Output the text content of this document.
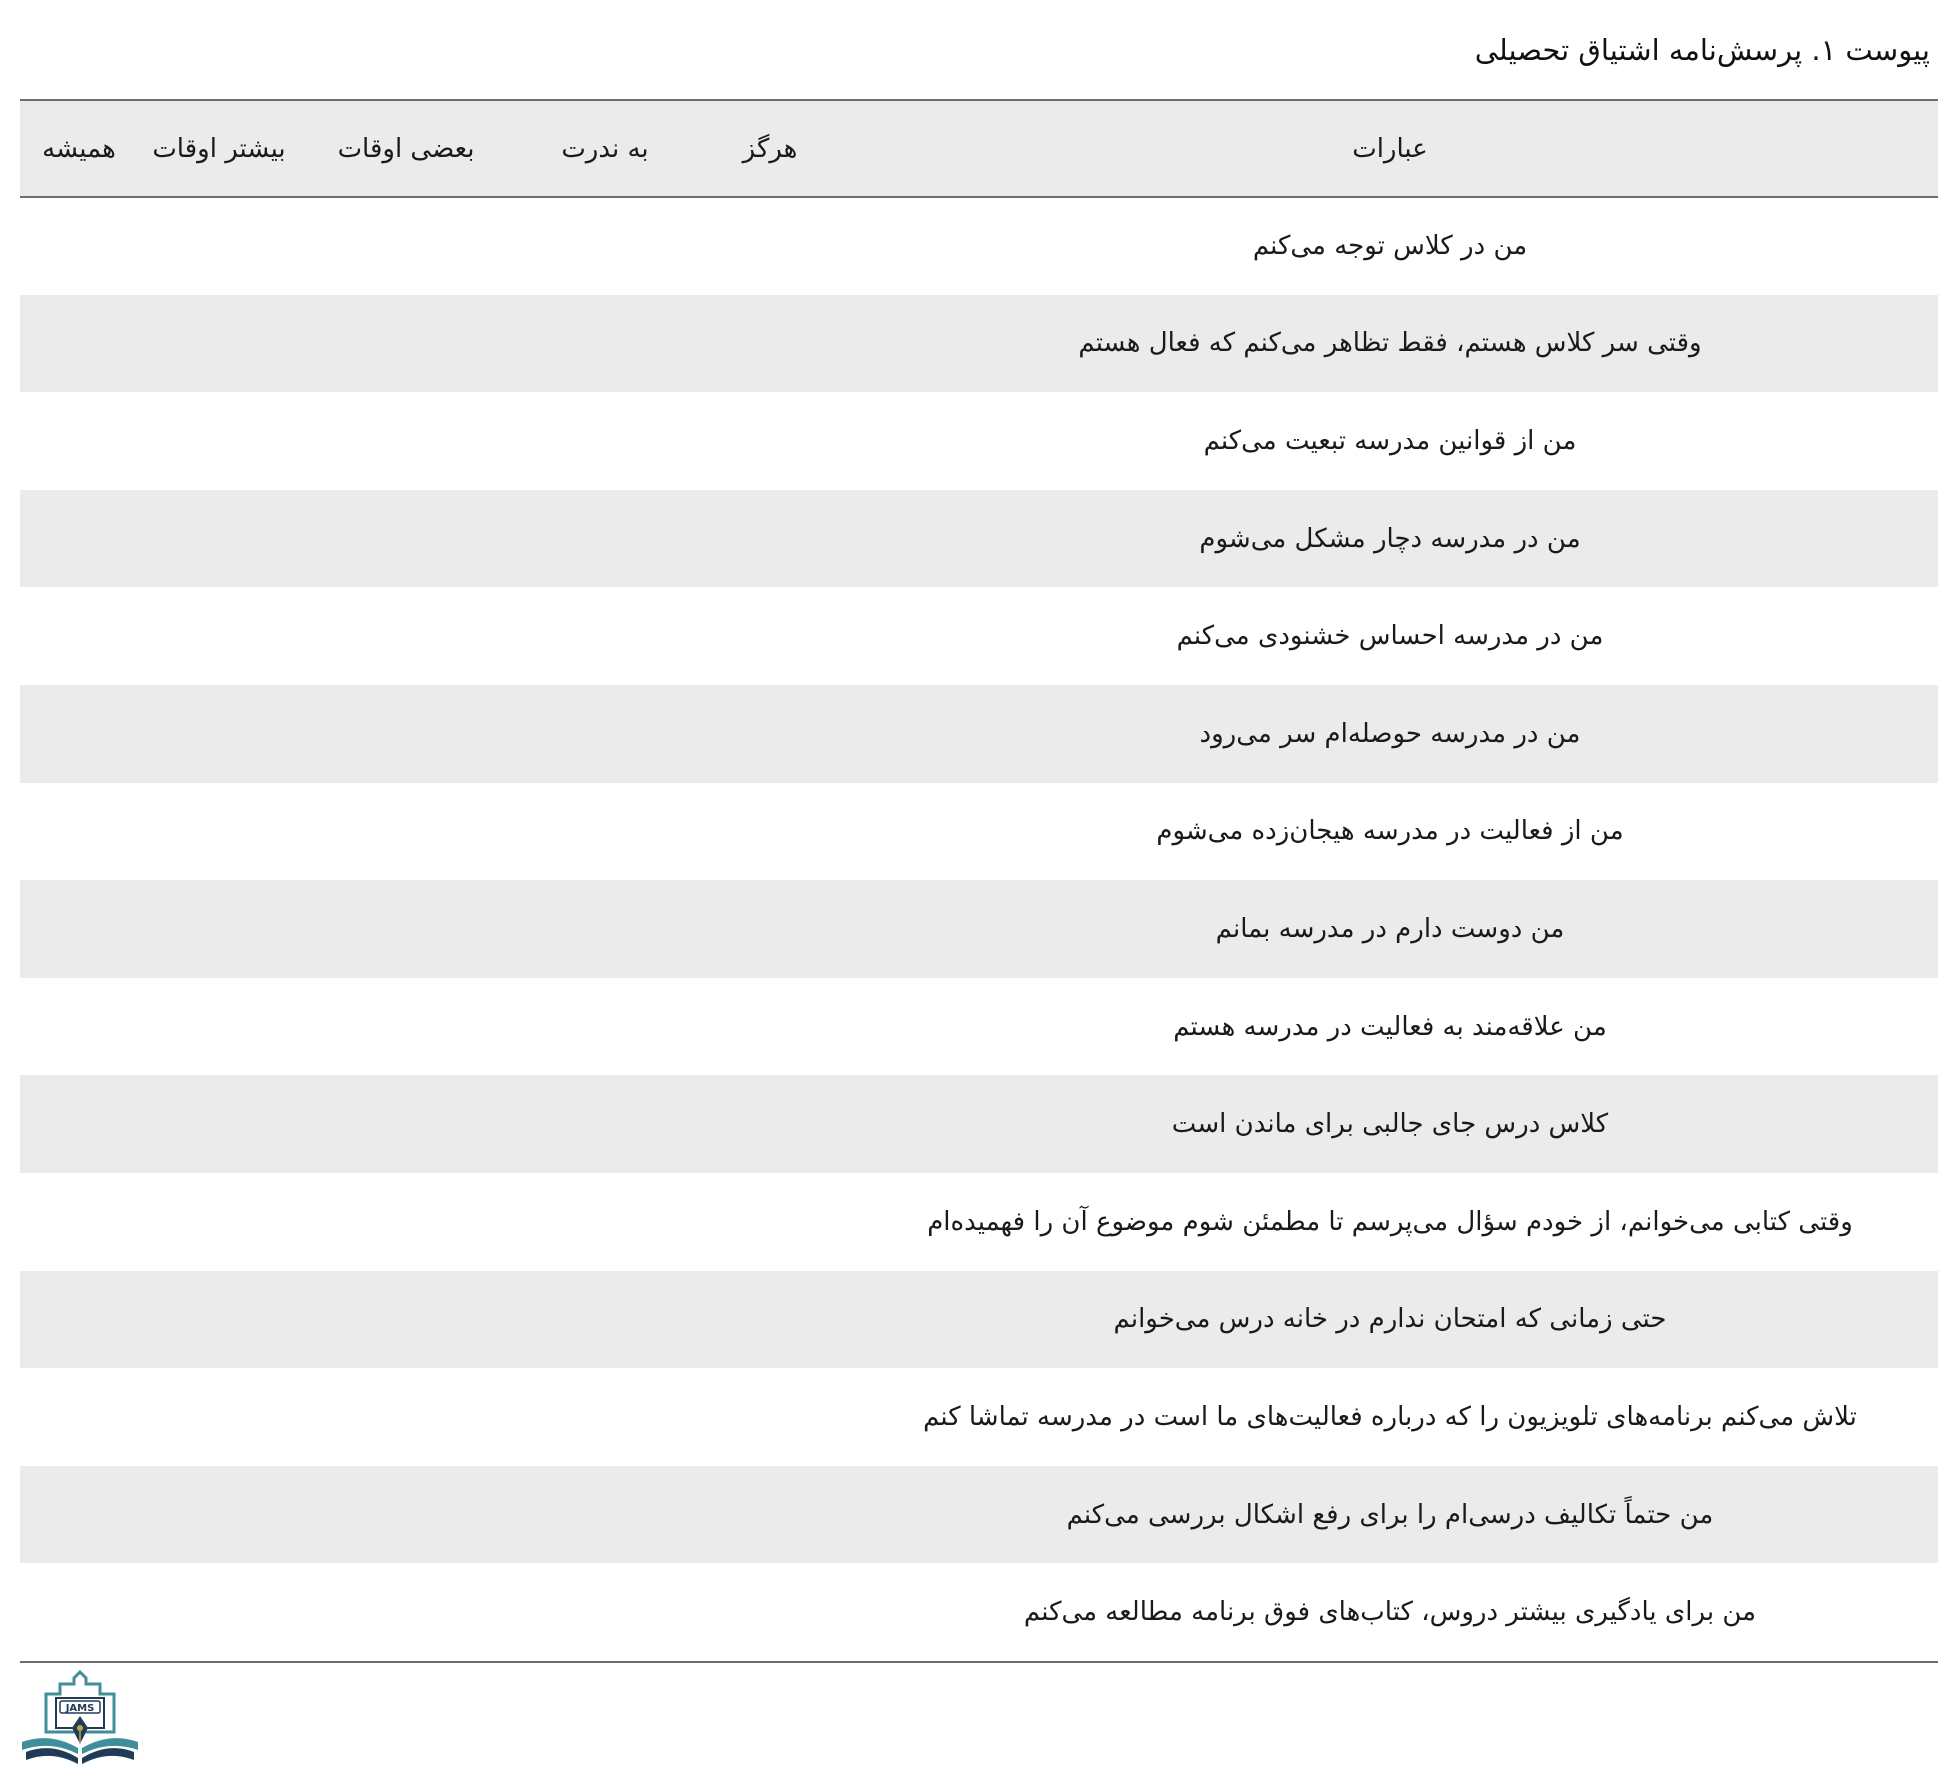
پیوست ۱. پرسش‌نامه اشتیاق تحصیلی
عبارات	هرگز	به ندرت	بعضی اوقات	بیشتر اوقات	همیشه
من در کلاس توجه می‌کنم					
وقتی سر کلاس هستم، فقط تظاهر می‌کنم که فعال هستم					
من از قوانین مدرسه تبعیت می‌کنم					
من در مدرسه دچار مشکل می‌شوم					
من در مدرسه احساس خشنودی می‌کنم					
من در مدرسه حوصله‌ام سر می‌رود					
من از فعالیت در مدرسه هیجان‌زده می‌شوم					
من دوست دارم در مدرسه بمانم					
من علاقه‌مند به فعالیت در مدرسه هستم					
کلاس درس جای جالبی برای ماندن است					
وقتی کتابی می‌خوانم، از خودم سؤال می‌پرسم تا مطمئن شوم موضوع آن را فهمیده‌ام					
حتی زمانی که امتحان ندارم در خانه درس می‌خوانم					
تلاش می‌کنم برنامه‌های تلویزیون را که درباره فعالیت‌های ما است در مدرسه تماشا کنم					
من حتماً تکالیف درسی‌ام را برای رفع اشکال بررسی می‌کنم					
من برای یادگیری بیشتر دروس، کتاب‌های فوق برنامه مطالعه می‌کنم					
JAMS
